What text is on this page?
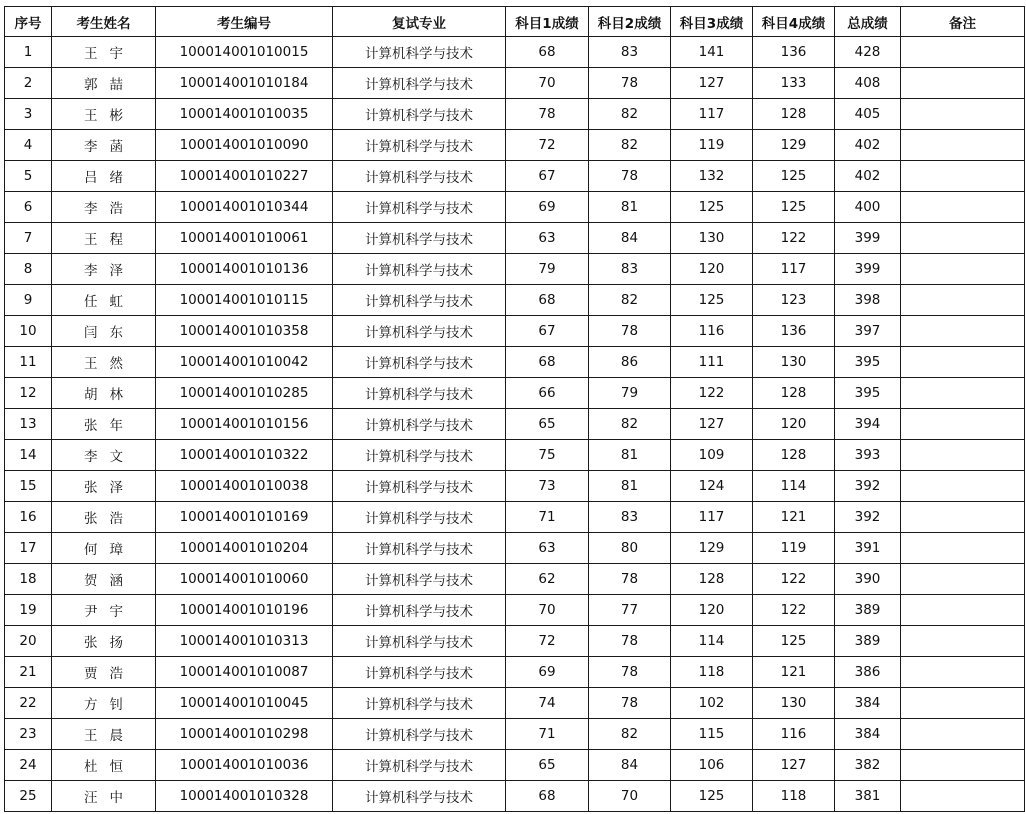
序号	考生姓名	考生编号	复试专业	科目1成绩	科目2成绩	科目3成绩	科目4成绩	总成绩	备注
1	王 宇	100014001010015	计算机科学与技术	68	83	141	136	428	
2	郭 喆	100014001010184	计算机科学与技术	70	78	127	133	408	
3	王 彬	100014001010035	计算机科学与技术	78	82	117	128	405	
4	李 菡	100014001010090	计算机科学与技术	72	82	119	129	402	
5	吕 绪	100014001010227	计算机科学与技术	67	78	132	125	402	
6	李 浩	100014001010344	计算机科学与技术	69	81	125	125	400	
7	王 程	100014001010061	计算机科学与技术	63	84	130	122	399	
8	李 泽	100014001010136	计算机科学与技术	79	83	120	117	399	
9	任 虹	100014001010115	计算机科学与技术	68	82	125	123	398	
10	闫 东	100014001010358	计算机科学与技术	67	78	116	136	397	
11	王 然	100014001010042	计算机科学与技术	68	86	111	130	395	
12	胡 林	100014001010285	计算机科学与技术	66	79	122	128	395	
13	张 年	100014001010156	计算机科学与技术	65	82	127	120	394	
14	李 文	100014001010322	计算机科学与技术	75	81	109	128	393	
15	张 泽	100014001010038	计算机科学与技术	73	81	124	114	392	
16	张 浩	100014001010169	计算机科学与技术	71	83	117	121	392	
17	何 璋	100014001010204	计算机科学与技术	63	80	129	119	391	
18	贺 涵	100014001010060	计算机科学与技术	62	78	128	122	390	
19	尹 宇	100014001010196	计算机科学与技术	70	77	120	122	389	
20	张 扬	100014001010313	计算机科学与技术	72	78	114	125	389	
21	贾 浩	100014001010087	计算机科学与技术	69	78	118	121	386	
22	方 钊	100014001010045	计算机科学与技术	74	78	102	130	384	
23	王 晨	100014001010298	计算机科学与技术	71	82	115	116	384	
24	杜 恒	100014001010036	计算机科学与技术	65	84	106	127	382	
25	汪 中	100014001010328	计算机科学与技术	68	70	125	118	381	
